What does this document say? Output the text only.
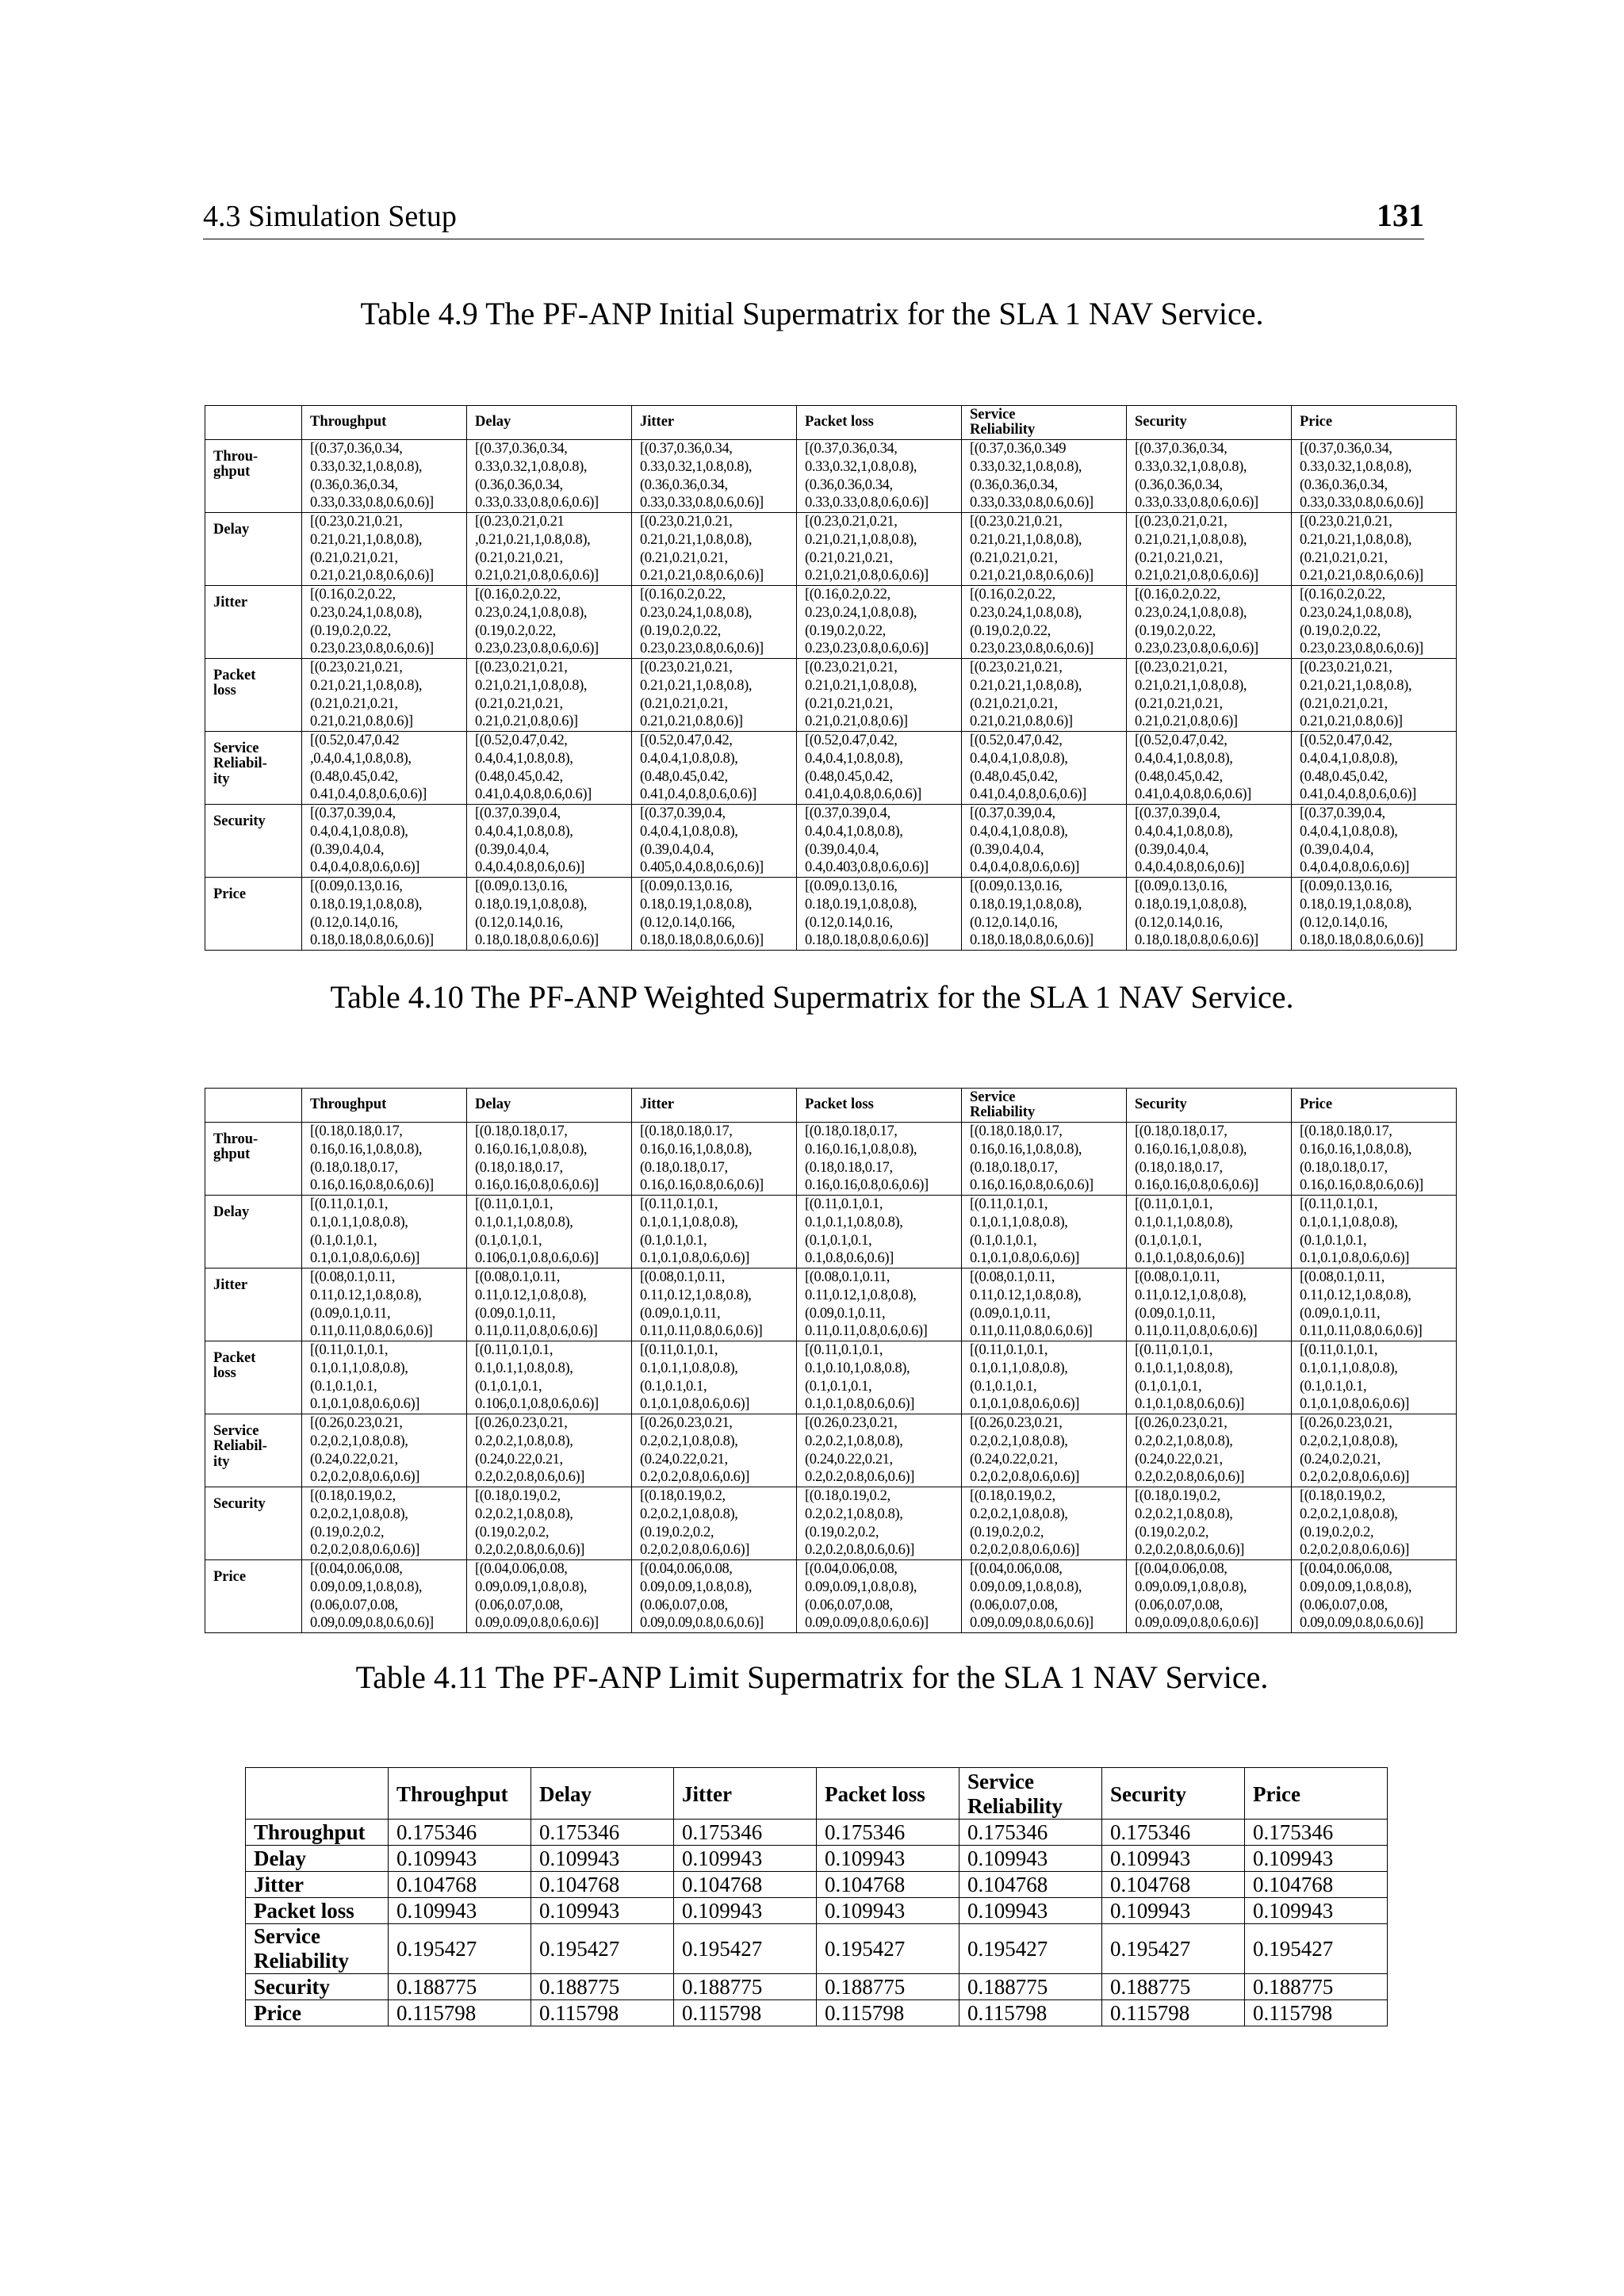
4.3 Simulation Setup	131
Table 4.9 The PF-ANP Initial Supermatrix for the SLA 1 NAV Service.
	Throughput	Delay	Jitter	Packet loss	Service
Reliability	Security	Price
Throu-
ghput	[(0.37,0.36,0.34,
0.33,0.32,1,0.8,0.8),
(0.36,0.36,0.34,
0.33,0.33,0.8,0.6,0.6)]	[(0.37,0.36,0.34,
0.33,0.32,1,0.8,0.8),
(0.36,0.36,0.34,
0.33,0.33,0.8,0.6,0.6)]	[(0.37,0.36,0.34,
0.33,0.32,1,0.8,0.8),
(0.36,0.36,0.34,
0.33,0.33,0.8,0.6,0.6)]	[(0.37,0.36,0.34,
0.33,0.32,1,0.8,0.8),
(0.36,0.36,0.34,
0.33,0.33,0.8,0.6,0.6)]	[(0.37,0.36,0.349
0.33,0.32,1,0.8,0.8),
(0.36,0.36,0.34,
0.33,0.33,0.8,0.6,0.6)]	[(0.37,0.36,0.34,
0.33,0.32,1,0.8,0.8),
(0.36,0.36,0.34,
0.33,0.33,0.8,0.6,0.6)]	[(0.37,0.36,0.34,
0.33,0.32,1,0.8,0.8),
(0.36,0.36,0.34,
0.33,0.33,0.8,0.6,0.6)]
Delay	[(0.23,0.21,0.21,
0.21,0.21,1,0.8,0.8),
(0.21,0.21,0.21,
0.21,0.21,0.8,0.6,0.6)]	[(0.23,0.21,0.21
,0.21,0.21,1,0.8,0.8),
(0.21,0.21,0.21,
0.21,0.21,0.8,0.6,0.6)]	[(0.23,0.21,0.21,
0.21,0.21,1,0.8,0.8),
(0.21,0.21,0.21,
0.21,0.21,0.8,0.6,0.6)]	[(0.23,0.21,0.21,
0.21,0.21,1,0.8,0.8),
(0.21,0.21,0.21,
0.21,0.21,0.8,0.6,0.6)]	[(0.23,0.21,0.21,
0.21,0.21,1,0.8,0.8),
(0.21,0.21,0.21,
0.21,0.21,0.8,0.6,0.6)]	[(0.23,0.21,0.21,
0.21,0.21,1,0.8,0.8),
(0.21,0.21,0.21,
0.21,0.21,0.8,0.6,0.6)]	[(0.23,0.21,0.21,
0.21,0.21,1,0.8,0.8),
(0.21,0.21,0.21,
0.21,0.21,0.8,0.6,0.6)]
Jitter	[(0.16,0.2,0.22,
0.23,0.24,1,0.8,0.8),
(0.19,0.2,0.22,
0.23,0.23,0.8,0.6,0.6)]	[(0.16,0.2,0.22,
0.23,0.24,1,0.8,0.8),
(0.19,0.2,0.22,
0.23,0.23,0.8,0.6,0.6)]	[(0.16,0.2,0.22,
0.23,0.24,1,0.8,0.8),
(0.19,0.2,0.22,
0.23,0.23,0.8,0.6,0.6)]	[(0.16,0.2,0.22,
0.23,0.24,1,0.8,0.8),
(0.19,0.2,0.22,
0.23,0.23,0.8,0.6,0.6)]	[(0.16,0.2,0.22,
0.23,0.24,1,0.8,0.8),
(0.19,0.2,0.22,
0.23,0.23,0.8,0.6,0.6)]	[(0.16,0.2,0.22,
0.23,0.24,1,0.8,0.8),
(0.19,0.2,0.22,
0.23,0.23,0.8,0.6,0.6)]	[(0.16,0.2,0.22,
0.23,0.24,1,0.8,0.8),
(0.19,0.2,0.22,
0.23,0.23,0.8,0.6,0.6)]
Packet
loss	[(0.23,0.21,0.21,
0.21,0.21,1,0.8,0.8),
(0.21,0.21,0.21,
0.21,0.21,0.8,0.6)]	[(0.23,0.21,0.21,
0.21,0.21,1,0.8,0.8),
(0.21,0.21,0.21,
0.21,0.21,0.8,0.6)]	[(0.23,0.21,0.21,
0.21,0.21,1,0.8,0.8),
(0.21,0.21,0.21,
0.21,0.21,0.8,0.6)]	[(0.23,0.21,0.21,
0.21,0.21,1,0.8,0.8),
(0.21,0.21,0.21,
0.21,0.21,0.8,0.6)]	[(0.23,0.21,0.21,
0.21,0.21,1,0.8,0.8),
(0.21,0.21,0.21,
0.21,0.21,0.8,0.6)]	[(0.23,0.21,0.21,
0.21,0.21,1,0.8,0.8),
(0.21,0.21,0.21,
0.21,0.21,0.8,0.6)]	[(0.23,0.21,0.21,
0.21,0.21,1,0.8,0.8),
(0.21,0.21,0.21,
0.21,0.21,0.8,0.6)]
Service
Reliabil-
ity	[(0.52,0.47,0.42
,0.4,0.4,1,0.8,0.8),
(0.48,0.45,0.42,
0.41,0.4,0.8,0.6,0.6)]	[(0.52,0.47,0.42,
0.4,0.4,1,0.8,0.8),
(0.48,0.45,0.42,
0.41,0.4,0.8,0.6,0.6)]	[(0.52,0.47,0.42,
0.4,0.4,1,0.8,0.8),
(0.48,0.45,0.42,
0.41,0.4,0.8,0.6,0.6)]	[(0.52,0.47,0.42,
0.4,0.4,1,0.8,0.8),
(0.48,0.45,0.42,
0.41,0.4,0.8,0.6,0.6)]	[(0.52,0.47,0.42,
0.4,0.4,1,0.8,0.8),
(0.48,0.45,0.42,
0.41,0.4,0.8,0.6,0.6)]	[(0.52,0.47,0.42,
0.4,0.4,1,0.8,0.8),
(0.48,0.45,0.42,
0.41,0.4,0.8,0.6,0.6)]	[(0.52,0.47,0.42,
0.4,0.4,1,0.8,0.8),
(0.48,0.45,0.42,
0.41,0.4,0.8,0.6,0.6)]
Security	[(0.37,0.39,0.4,
0.4,0.4,1,0.8,0.8),
(0.39,0.4,0.4,
0.4,0.4,0.8,0.6,0.6)]	[(0.37,0.39,0.4,
0.4,0.4,1,0.8,0.8),
(0.39,0.4,0.4,
0.4,0.4,0.8,0.6,0.6)]	[(0.37,0.39,0.4,
0.4,0.4,1,0.8,0.8),
(0.39,0.4,0.4,
0.405,0.4,0.8,0.6,0.6)]	[(0.37,0.39,0.4,
0.4,0.4,1,0.8,0.8),
(0.39,0.4,0.4,
0.4,0.403,0.8,0.6,0.6)]	[(0.37,0.39,0.4,
0.4,0.4,1,0.8,0.8),
(0.39,0.4,0.4,
0.4,0.4,0.8,0.6,0.6)]	[(0.37,0.39,0.4,
0.4,0.4,1,0.8,0.8),
(0.39,0.4,0.4,
0.4,0.4,0.8,0.6,0.6)]	[(0.37,0.39,0.4,
0.4,0.4,1,0.8,0.8),
(0.39,0.4,0.4,
0.4,0.4,0.8,0.6,0.6)]
Price	[(0.09,0.13,0.16,
0.18,0.19,1,0.8,0.8),
(0.12,0.14,0.16,
0.18,0.18,0.8,0.6,0.6)]	[(0.09,0.13,0.16,
0.18,0.19,1,0.8,0.8),
(0.12,0.14,0.16,
0.18,0.18,0.8,0.6,0.6)]	[(0.09,0.13,0.16,
0.18,0.19,1,0.8,0.8),
(0.12,0.14,0.166,
0.18,0.18,0.8,0.6,0.6)]	[(0.09,0.13,0.16,
0.18,0.19,1,0.8,0.8),
(0.12,0.14,0.16,
0.18,0.18,0.8,0.6,0.6)]	[(0.09,0.13,0.16,
0.18,0.19,1,0.8,0.8),
(0.12,0.14,0.16,
0.18,0.18,0.8,0.6,0.6)]	[(0.09,0.13,0.16,
0.18,0.19,1,0.8,0.8),
(0.12,0.14,0.16,
0.18,0.18,0.8,0.6,0.6)]	[(0.09,0.13,0.16,
0.18,0.19,1,0.8,0.8),
(0.12,0.14,0.16,
0.18,0.18,0.8,0.6,0.6)]
Table 4.10 The PF-ANP Weighted Supermatrix for the SLA 1 NAV Service.
	Throughput	Delay	Jitter	Packet loss	Service
Reliability	Security	Price
Throu-
ghput	[(0.18,0.18,0.17,
0.16,0.16,1,0.8,0.8),
(0.18,0.18,0.17,
0.16,0.16,0.8,0.6,0.6)]	[(0.18,0.18,0.17,
0.16,0.16,1,0.8,0.8),
(0.18,0.18,0.17,
0.16,0.16,0.8,0.6,0.6)]	[(0.18,0.18,0.17,
0.16,0.16,1,0.8,0.8),
(0.18,0.18,0.17,
0.16,0.16,0.8,0.6,0.6)]	[(0.18,0.18,0.17,
0.16,0.16,1,0.8,0.8),
(0.18,0.18,0.17,
0.16,0.16,0.8,0.6,0.6)]	[(0.18,0.18,0.17,
0.16,0.16,1,0.8,0.8),
(0.18,0.18,0.17,
0.16,0.16,0.8,0.6,0.6)]	[(0.18,0.18,0.17,
0.16,0.16,1,0.8,0.8),
(0.18,0.18,0.17,
0.16,0.16,0.8,0.6,0.6)]	[(0.18,0.18,0.17,
0.16,0.16,1,0.8,0.8),
(0.18,0.18,0.17,
0.16,0.16,0.8,0.6,0.6)]
Delay	[(0.11,0.1,0.1,
0.1,0.1,1,0.8,0.8),
(0.1,0.1,0.1,
0.1,0.1,0.8,0.6,0.6)]	[(0.11,0.1,0.1,
0.1,0.1,1,0.8,0.8),
(0.1,0.1,0.1,
0.106,0.1,0.8,0.6,0.6)]	[(0.11,0.1,0.1,
0.1,0.1,1,0.8,0.8),
(0.1,0.1,0.1,
0.1,0.1,0.8,0.6,0.6)]	[(0.11,0.1,0.1,
0.1,0.1,1,0.8,0.8),
(0.1,0.1,0.1,
0.1,0.8,0.6,0.6)]	[(0.11,0.1,0.1,
0.1,0.1,1,0.8,0.8),
(0.1,0.1,0.1,
0.1,0.1,0.8,0.6,0.6)]	[(0.11,0.1,0.1,
0.1,0.1,1,0.8,0.8),
(0.1,0.1,0.1,
0.1,0.1,0.8,0.6,0.6)]	[(0.11,0.1,0.1,
0.1,0.1,1,0.8,0.8),
(0.1,0.1,0.1,
0.1,0.1,0.8,0.6,0.6)]
Jitter	[(0.08,0.1,0.11,
0.11,0.12,1,0.8,0.8),
(0.09,0.1,0.11,
0.11,0.11,0.8,0.6,0.6)]	[(0.08,0.1,0.11,
0.11,0.12,1,0.8,0.8),
(0.09,0.1,0.11,
0.11,0.11,0.8,0.6,0.6)]	[(0.08,0.1,0.11,
0.11,0.12,1,0.8,0.8),
(0.09,0.1,0.11,
0.11,0.11,0.8,0.6,0.6)]	[(0.08,0.1,0.11,
0.11,0.12,1,0.8,0.8),
(0.09,0.1,0.11,
0.11,0.11,0.8,0.6,0.6)]	[(0.08,0.1,0.11,
0.11,0.12,1,0.8,0.8),
(0.09,0.1,0.11,
0.11,0.11,0.8,0.6,0.6)]	[(0.08,0.1,0.11,
0.11,0.12,1,0.8,0.8),
(0.09,0.1,0.11,
0.11,0.11,0.8,0.6,0.6)]	[(0.08,0.1,0.11,
0.11,0.12,1,0.8,0.8),
(0.09,0.1,0.11,
0.11,0.11,0.8,0.6,0.6)]
Packet
loss	[(0.11,0.1,0.1,
0.1,0.1,1,0.8,0.8),
(0.1,0.1,0.1,
0.1,0.1,0.8,0.6,0.6)]	[(0.11,0.1,0.1,
0.1,0.1,1,0.8,0.8),
(0.1,0.1,0.1,
0.106,0.1,0.8,0.6,0.6)]	[(0.11,0.1,0.1,
0.1,0.1,1,0.8,0.8),
(0.1,0.1,0.1,
0.1,0.1,0.8,0.6,0.6)]	[(0.11,0.1,0.1,
0.1,0.10,1,0.8,0.8),
(0.1,0.1,0.1,
0.1,0.1,0.8,0.6,0.6)]	[(0.11,0.1,0.1,
0.1,0.1,1,0.8,0.8),
(0.1,0.1,0.1,
0.1,0.1,0.8,0.6,0.6)]	[(0.11,0.1,0.1,
0.1,0.1,1,0.8,0.8),
(0.1,0.1,0.1,
0.1,0.1,0.8,0.6,0.6)]	[(0.11,0.1,0.1,
0.1,0.1,1,0.8,0.8),
(0.1,0.1,0.1,
0.1,0.1,0.8,0.6,0.6)]
Service
Reliabil-
ity	[(0.26,0.23,0.21,
0.2,0.2,1,0.8,0.8),
(0.24,0.22,0.21,
0.2,0.2,0.8,0.6,0.6)]	[(0.26,0.23,0.21,
0.2,0.2,1,0.8,0.8),
(0.24,0.22,0.21,
0.2,0.2,0.8,0.6,0.6)]	[(0.26,0.23,0.21,
0.2,0.2,1,0.8,0.8),
(0.24,0.22,0.21,
0.2,0.2,0.8,0.6,0.6)]	[(0.26,0.23,0.21,
0.2,0.2,1,0.8,0.8),
(0.24,0.22,0.21,
0.2,0.2,0.8,0.6,0.6)]	[(0.26,0.23,0.21,
0.2,0.2,1,0.8,0.8),
(0.24,0.22,0.21,
0.2,0.2,0.8,0.6,0.6)]	[(0.26,0.23,0.21,
0.2,0.2,1,0.8,0.8),
(0.24,0.22,0.21,
0.2,0.2,0.8,0.6,0.6)]	[(0.26,0.23,0.21,
0.2,0.2,1,0.8,0.8),
(0.24,0.2,0.21,
0.2,0.2,0.8,0.6,0.6)]
Security	[(0.18,0.19,0.2,
0.2,0.2,1,0.8,0.8),
(0.19,0.2,0.2,
0.2,0.2,0.8,0.6,0.6)]	[(0.18,0.19,0.2,
0.2,0.2,1,0.8,0.8),
(0.19,0.2,0.2,
0.2,0.2,0.8,0.6,0.6)]	[(0.18,0.19,0.2,
0.2,0.2,1,0.8,0.8),
(0.19,0.2,0.2,
0.2,0.2,0.8,0.6,0.6)]	[(0.18,0.19,0.2,
0.2,0.2,1,0.8,0.8),
(0.19,0.2,0.2,
0.2,0.2,0.8,0.6,0.6)]	[(0.18,0.19,0.2,
0.2,0.2,1,0.8,0.8),
(0.19,0.2,0.2,
0.2,0.2,0.8,0.6,0.6)]	[(0.18,0.19,0.2,
0.2,0.2,1,0.8,0.8),
(0.19,0.2,0.2,
0.2,0.2,0.8,0.6,0.6)]	[(0.18,0.19,0.2,
0.2,0.2,1,0.8,0.8),
(0.19,0.2,0.2,
0.2,0.2,0.8,0.6,0.6)]
Price	[(0.04,0.06,0.08,
0.09,0.09,1,0.8,0.8),
(0.06,0.07,0.08,
0.09,0.09,0.8,0.6,0.6)]	[(0.04,0.06,0.08,
0.09,0.09,1,0.8,0.8),
(0.06,0.07,0.08,
0.09,0.09,0.8,0.6,0.6)]	[(0.04,0.06,0.08,
0.09,0.09,1,0.8,0.8),
(0.06,0.07,0.08,
0.09,0.09,0.8,0.6,0.6)]	[(0.04,0.06,0.08,
0.09,0.09,1,0.8,0.8),
(0.06,0.07,0.08,
0.09,0.09,0.8,0.6,0.6)]	[(0.04,0.06,0.08,
0.09,0.09,1,0.8,0.8),
(0.06,0.07,0.08,
0.09,0.09,0.8,0.6,0.6)]	[(0.04,0.06,0.08,
0.09,0.09,1,0.8,0.8),
(0.06,0.07,0.08,
0.09,0.09,0.8,0.6,0.6)]	[(0.04,0.06,0.08,
0.09,0.09,1,0.8,0.8),
(0.06,0.07,0.08,
0.09,0.09,0.8,0.6,0.6)]
Table 4.11 The PF-ANP Limit Supermatrix for the SLA 1 NAV Service.
	Throughput	Delay	Jitter	Packet loss	Service
Reliability	Security	Price
Throughput	0.175346	0.175346	0.175346	0.175346	0.175346	0.175346	0.175346
Delay	0.109943	0.109943	0.109943	0.109943	0.109943	0.109943	0.109943
Jitter	0.104768	0.104768	0.104768	0.104768	0.104768	0.104768	0.104768
Packet loss	0.109943	0.109943	0.109943	0.109943	0.109943	0.109943	0.109943
Service
Reliability	0.195427	0.195427	0.195427	0.195427	0.195427	0.195427	0.195427
Security	0.188775	0.188775	0.188775	0.188775	0.188775	0.188775	0.188775
Price	0.115798	0.115798	0.115798	0.115798	0.115798	0.115798	0.115798
